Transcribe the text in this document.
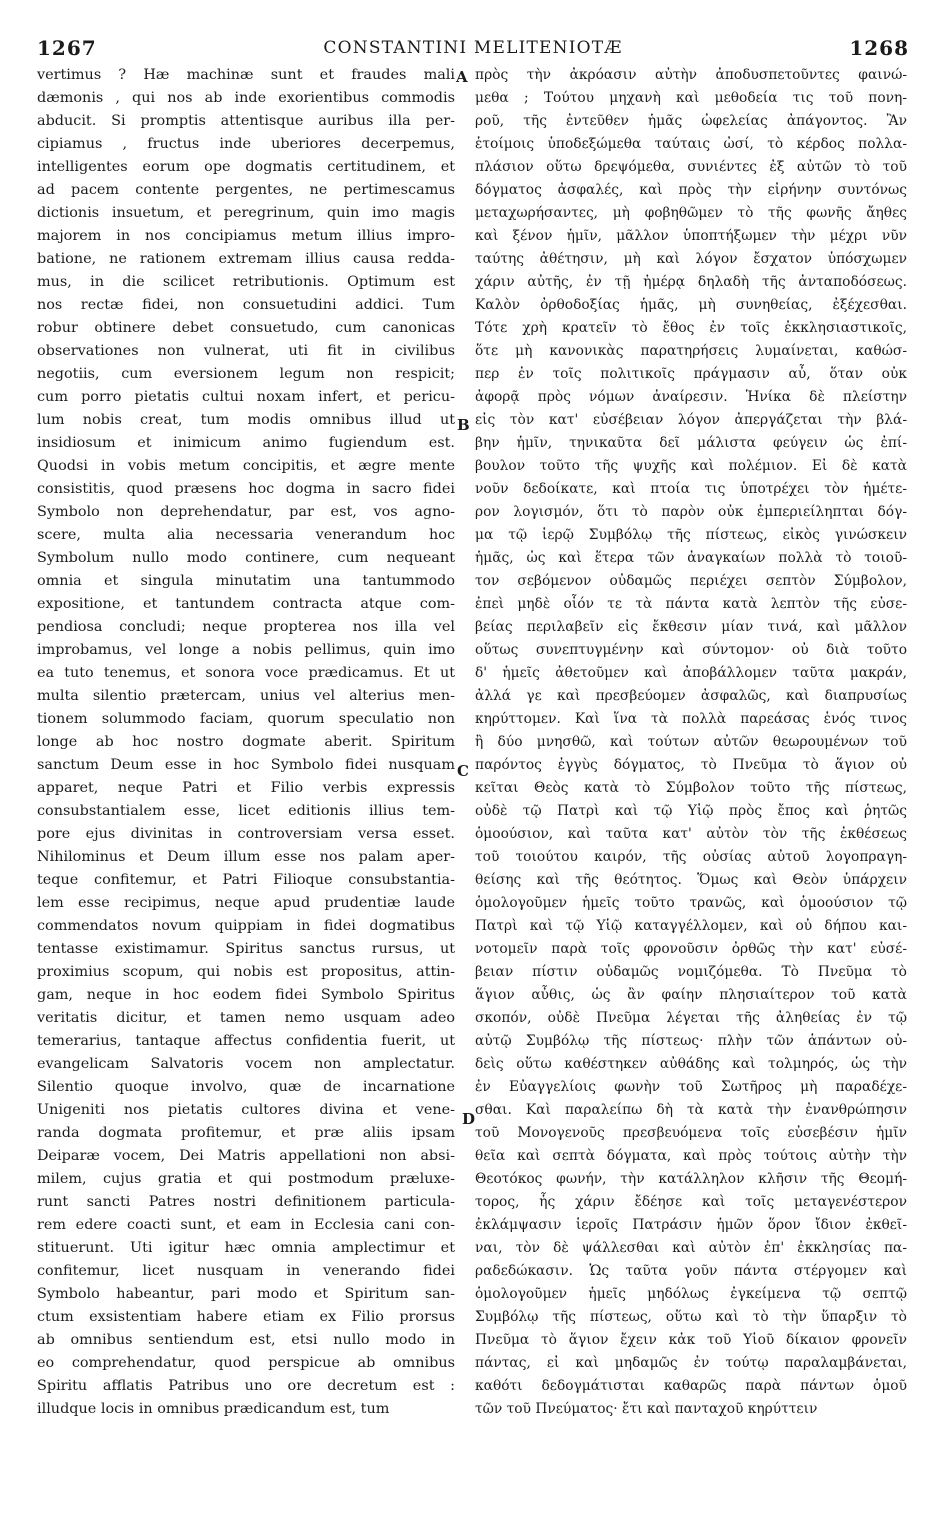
1267	CONSTANTINI MELITENIOTÆ	1268
vertimus ? Hæ machinæ sunt et fraudes mali
dæmonis , qui nos ab inde exorientibus commodis
abducit. Si promptis attentisque auribus illa per-
cipiamus , fructus inde uberiores decerpemus,
intelligentes eorum ope dogmatis certitudinem, et
ad pacem contente pergentes, ne pertimescamus
dictionis insuetum, et peregrinum, quin imo magis
majorem in nos concipiamus metum illius impro-
batione, ne rationem extremam illius causa redda-
mus, in die scilicet retributionis. Optimum est
nos rectæ fidei, non consuetudini addici. Tum
robur obtinere debet consuetudo, cum canonicas
observationes non vulnerat, uti fit in civilibus
negotiis, cum eversionem legum non respicit;
cum porro pietatis cultui noxam infert, et pericu-
lum nobis creat, tum modis omnibus illud ut
insidiosum et inimicum animo fugiendum est.
Quodsi in vobis metum concipitis, et ægre mente
consistitis, quod præsens hoc dogma in sacro fidei
Symbolo non deprehendatur, par est, vos agno-
scere, multa alia necessaria venerandum hoc
Symbolum nullo modo continere, cum nequeant
omnia et singula minutatim una tantummodo
expositione, et tantundem contracta atque com-
pendiosa concludi; neque propterea nos illa vel
improbamus, vel longe a nobis pellimus, quin imo
ea tuto tenemus, et sonora voce prædicamus. Et ut
multa silentio prætercam, unius vel alterius men-
tionem solummodo faciam, quorum speculatio non
longe ab hoc nostro dogmate aberit. Spiritum
sanctum Deum esse in hoc Symbolo fidei nusquam
apparet, neque Patri et Filio verbis expressis
consubstantialem esse, licet editionis illius tem-
pore ejus divinitas in controversiam versa esset.
Nihilominus et Deum illum esse nos palam aper-
teque confitemur, et Patri Filioque consubstantia-
lem esse recipimus, neque apud prudentiæ laude
commendatos novum quippiam in fidei dogmatibus
tentasse existimamur. Spiritus sanctus rursus, ut
proximius scopum, qui nobis est propositus, attin-
gam, neque in hoc eodem fidei Symbolo Spiritus
veritatis dicitur, et tamen nemo usquam adeo
temerarius, tantaque affectus confidentia fuerit, ut
evangelicam Salvatoris vocem non amplectatur.
Silentio quoque involvo, quæ de incarnatione
Unigeniti nos pietatis cultores divina et vene-
randa dogmata profitemur, et præ aliis ipsam
Deiparæ vocem, Dei Matris appellationi non absi-
milem, cujus gratia et qui postmodum præluxe-
runt sancti Patres nostri definitionem particula-
rem edere coacti sunt, et eam in Ecclesia cani con-
stituerunt. Uti igitur hæc omnia amplectimur et
confitemur, licet nusquam in venerando fidei
Symbolo habeantur, pari modo et Spiritum san-
ctum exsistentiam habere etiam ex Filio prorsus
ab omnibus sentiendum est, etsi nullo modo in
eo comprehendatur, quod perspicue ab omnibus
Spiritu afflatis Patribus uno ore decretum est :
illudque locis in omnibus prædicandum est, tum
πρὸς τὴν ἀκρόασιν αὐτὴν ἀποδυσπετοῦντες φαινώ-
μεθα ; Τούτου μηχανὴ καὶ μεθοδεία τις τοῦ πονη-
ροῦ, τῆς ἐντεῦθεν ἡμᾶς ὠφελείας ἀπάγοντος. Ἂν
ἑτοίμοις ὑποδεξώμεθα ταύταις ὠσί, τὸ κέρδος πολλα-
πλάσιον οὕτω δρεψόμεθα, συνιέντες ἐξ αὐτῶν τὸ τοῦ
δόγματος ἀσφαλές, καὶ πρὸς τὴν εἰρήνην συντόνως
μεταχωρήσαντες, μὴ φοβηθῶμεν τὸ τῆς φωνῆς ἄηθες
καὶ ξένον ἡμῖν, μᾶλλον ὑποπτήξωμεν τὴν μέχρι νῦν
ταύτης ἀθέτησιν, μὴ καὶ λόγον ἔσχατον ὑπόσχωμεν
χάριν αὐτῆς, ἐν τῇ ἡμέρᾳ δηλαδὴ τῆς ἀνταποδόσεως.
Καλὸν ὀρθοδοξίας ἡμᾶς, μὴ συνηθείας, ἐξέχεσθαι.
Τότε χρὴ κρατεῖν τὸ ἔθος ἐν τοῖς ἐκκλησιαστικοῖς,
ὅτε μὴ κανονικὰς παρατηρήσεις λυμαίνεται, καθώσ-
περ ἐν τοῖς πολιτικοῖς πράγμασιν αὖ, ὅταν οὐκ
ἀφορᾷ πρὸς νόμων ἀναίρεσιν. Ἡνίκα δὲ πλείστην
εἰς τὸν κατ' εὐσέβειαν λόγον ἀπεργάζεται τὴν βλά-
βην ἡμῖν, τηνικαῦτα δεῖ μάλιστα φεύγειν ὡς ἐπί-
βουλον τοῦτο τῆς ψυχῆς καὶ πολέμιον. Εἰ δὲ κατὰ
νοῦν δεδοίκατε, καὶ πτοία τις ὑποτρέχει τὸν ἡμέτε-
ρον λογισμόν, ὅτι τὸ παρὸν οὐκ ἐμπεριείληπται δόγ-
μα τῷ ἱερῷ Συμβόλῳ τῆς πίστεως, εἰκὸς γινώσκειν
ἡμᾶς, ὡς καὶ ἕτερα τῶν ἀναγκαίων πολλὰ τὸ τοιοῦ-
τον σεβόμενον οὐδαμῶς περιέχει σεπτὸν Σύμβολον,
ἐπεὶ μηδὲ οἷόν τε τὰ πάντα κατὰ λεπτὸν τῆς εὐσε-
βείας περιλαβεῖν εἰς ἔκθεσιν μίαν τινά, καὶ μᾶλλον
οὕτως συνεπτυγμένην καὶ σύντομον· οὐ διὰ τοῦτο
δ' ἡμεῖς ἀθετοῦμεν καὶ ἀποβάλλομεν ταῦτα μακράν,
ἀλλά γε καὶ πρεσβεύομεν ἀσφαλῶς, καὶ διαπρυσίως
κηρύττομεν. Καὶ ἵνα τὰ πολλὰ παρεάσας ἑνός τινος
ἢ δύο μνησθῶ, καὶ τούτων αὐτῶν θεωρουμένων τοῦ
παρόντος ἐγγὺς δόγματος, τὸ Πνεῦμα τὸ ἅγιον οὐ
κεῖται Θεὸς κατὰ τὸ Σύμβολον τοῦτο τῆς πίστεως,
οὐδὲ τῷ Πατρὶ καὶ τῷ Υἱῷ πρὸς ἔπος καὶ ῥητῶς
ὁμοούσιον, καὶ ταῦτα κατ' αὐτὸν τὸν τῆς ἐκθέσεως
τοῦ τοιούτου καιρόν, τῆς οὐσίας αὐτοῦ λογοπραγη-
θείσης καὶ τῆς θεότητος. Ὅμως καὶ Θεὸν ὑπάρχειν
ὁμολογοῦμεν ἡμεῖς τοῦτο τρανῶς, καὶ ὁμοούσιον τῷ
Πατρὶ καὶ τῷ Υἱῷ καταγγέλλομεν, καὶ οὐ δήπου και-
νοτομεῖν παρὰ τοῖς φρονοῦσιν ὀρθῶς τὴν κατ' εὐσέ-
βειαν πίστιν οὐδαμῶς νομιζόμεθα. Τὸ Πνεῦμα τὸ
ἅγιον αὖθις, ὡς ἂν φαίην πλησιαίτερον τοῦ κατὰ
σκοπόν, οὐδὲ Πνεῦμα λέγεται τῆς ἀληθείας ἐν τῷ
αὐτῷ Συμβόλῳ τῆς πίστεως· πλὴν τῶν ἁπάντων οὐ-
δεὶς οὕτω καθέστηκεν αὐθάδης καὶ τολμηρός, ὡς τὴν
ἐν Εὐαγγελίοις φωνὴν τοῦ Σωτῆρος μὴ παραδέχε-
σθαι. Καὶ παραλείπω δὴ τὰ κατὰ τὴν ἐνανθρώπησιν
τοῦ Μονογενοῦς πρεσβευόμενα τοῖς εὐσεβέσιν ἡμῖν
θεῖα καὶ σεπτὰ δόγματα, καὶ πρὸς τούτοις αὐτὴν τὴν
Θεοτόκος φωνήν, τὴν κατάλληλον κλῆσιν τῆς Θεομή-
τορος, ἧς χάριν ἔδέησε καὶ τοῖς μεταγενέστερον
ἐκλάμψασιν ἱεροῖς Πατράσιν ἡμῶν ὅρον ἴδιον ἐκθεῖ-
ναι, τὸν δὲ ψάλλεσθαι καὶ αὐτὸν ἐπ' ἐκκλησίας πα-
ραδεδώκασιν. Ὡς ταῦτα γοῦν πάντα στέργομεν καὶ
ὁμολογοῦμεν ἡμεῖς μηδόλως ἐγκείμενα τῷ σεπτῷ
Συμβόλῳ τῆς πίστεως, οὕτω καὶ τὸ τὴν ὕπαρξιν τὸ
Πνεῦμα τὸ ἅγιον ἔχειν κἀκ τοῦ Υἱοῦ δίκαιον φρονεῖν
πάντας, εἰ καὶ μηδαμῶς ἐν τούτῳ παραλαμβάνεται,
καθότι δεδογμάτισται καθαρῶς παρὰ πάντων ὁμοῦ
τῶν τοῦ Πνεύματος· ἔτι καὶ πανταχοῦ κηρύττειν
A
B
C
D
